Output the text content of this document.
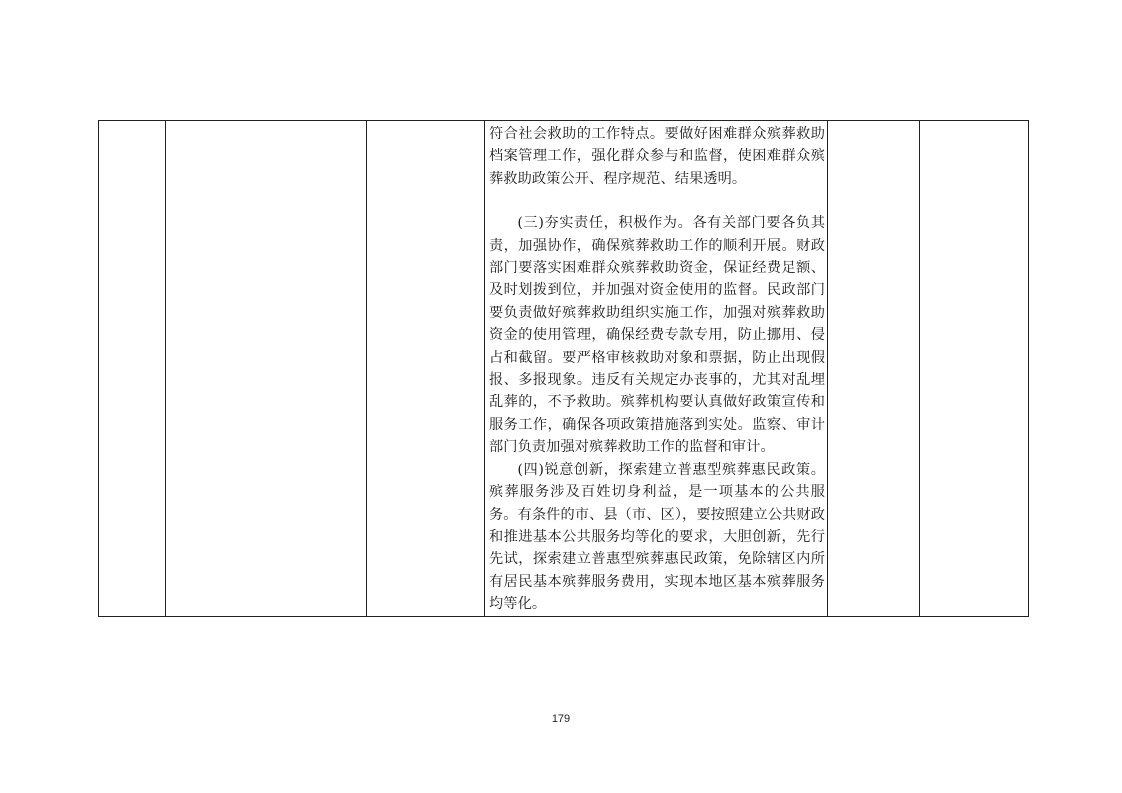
符合社会救助的工作特点。要做好困难群众殡葬救助档案管理工作，强化群众参与和监督，使困难群众殡葬救助政策公开、程序规范、结果透明。

(三)夯实责任，积极作为。各有关部门要各负其责，加强协作，确保殡葬救助工作的顺利开展。财政部门要落实困难群众殡葬救助资金，保证经费足额、及时划拨到位，并加强对资金使用的监督。民政部门要负责做好殡葬救助组织实施工作，加强对殡葬救助资金的使用管理，确保经费专款专用，防止挪用、侵占和截留。要严格审核救助对象和票据，防止出现假报、多报现象。违反有关规定办丧事的，尤其对乱埋乱葬的，不予救助。殡葬机构要认真做好政策宣传和服务工作，确保各项政策措施落到实处。监察、审计部门负责加强对殡葬救助工作的监督和审计。

(四)锐意创新，探索建立普惠型殡葬惠民政策。殡葬服务涉及百姓切身利益，是一项基本的公共服务。有条件的市、县（市、区），要按照建立公共财政和推进基本公共服务均等化的要求，大胆创新，先行先试，探索建立普惠型殡葬惠民政策，免除辖区内所有居民基本殡葬服务费用，实现本地区基本殡葬服务均等化。

179
